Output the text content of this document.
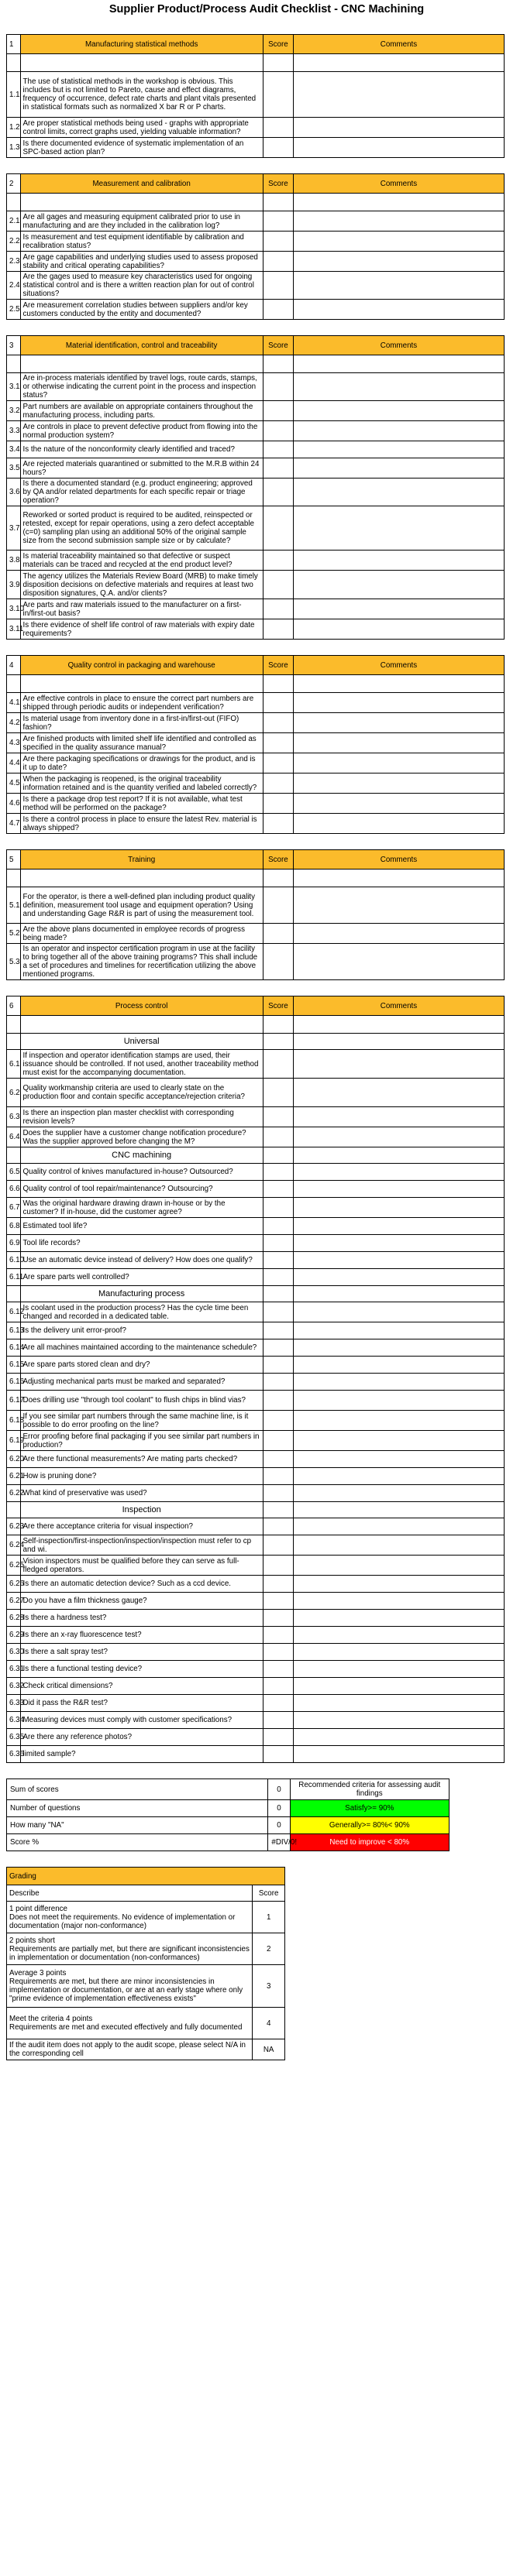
Supplier Product/Process Audit Checklist - CNC Machining
1	Manufacturing statistical methods	Score	Comments

1.1	The use of statistical methods in the workshop is obvious. This includes but is not limited to Pareto, cause and effect diagrams, frequency of occurrence, defect rate charts and plant vitals presented in statistical formats such as normalized X bar R or P charts.		
1.2	Are proper statistical methods being used - graphs with appropriate control limits, correct graphs used, yielding valuable information?		
1.3	Is there documented evidence of systematic implementation of an SPC-based action plan?		
2	Measurement and calibration	Score	Comments

2.1	Are all gages and measuring equipment calibrated prior to use in manufacturing and are they included in the calibration log?		
2.2	Is measurement and test equipment identifiable by calibration and recalibration status?		
2.3	Are gage capabilities and underlying studies used to assess proposed stability and critical operating capabilities?		
2.4	Are the gages used to measure key characteristics used for ongoing statistical control and is there a written reaction plan for out of control situations?		
2.5	Are measurement correlation studies between suppliers and/or key customers conducted by the entity and documented?		
3	Material identification, control and traceability	Score	Comments

3.1	Are in-process materials identified by travel logs, route cards, stamps, or otherwise indicating the current point in the process and inspection status?		
3.2	Part numbers are available on appropriate containers throughout the manufacturing process, including parts.		
3.3	Are controls in place to prevent defective product from flowing into the normal production system?		
3.4	Is the nature of the nonconformity clearly identified and traced?		
3.5	Are rejected materials quarantined or submitted to the M.R.B within 24 hours?		
3.6	Is there a documented standard (e.g. product engineering; approved by QA and/or related departments for each specific repair or triage operation?		
3.7	Reworked or sorted product is required to be audited, reinspected or retested, except for repair operations, using a zero defect acceptable (c=0) sampling plan using an additional 50% of the original sample size from the second submission sample size or by calculate?		
3.8	Is material traceability maintained so that defective or suspect materials can be traced and recycled at the end product level?		
3.9	The agency utilizes the Materials Review Board (MRB) to make timely disposition decisions on defective materials and requires at least two disposition signatures, Q.A. and/or clients?		
3.10	Are parts and raw materials issued to the manufacturer on a first-in/first-out basis?		
3.11	Is there evidence of shelf life control of raw materials with expiry date requirements?		
4	Quality control in packaging and warehouse	Score	Comments

4.1	Are effective controls in place to ensure the correct part numbers are shipped through periodic audits or independent verification?		
4.2	Is material usage from inventory done in a first-in/first-out (FIFO) fashion?		
4.3	Are finished products with limited shelf life identified and controlled as specified in the quality assurance manual?		
4.4	Are there packaging specifications or drawings for the product, and is it up to date?		
4.5	When the packaging is reopened, is the original traceability information retained and is the quantity verified and labeled correctly?		
4.6	Is there a package drop test report? If it is not available, what test method will be performed on the package?		
4.7	Is there a control process in place to ensure the latest Rev. material is always shipped?		
5	Training	Score	Comments

5.1	For the operator, is there a well-defined plan including product quality definition, measurement tool usage and equipment operation? Using and understanding Gage R&R is part of using the measurement tool.		
5.2	Are the above plans documented in employee records of progress being made?		
5.3	Is an operator and inspector certification program in use at the facility to bring together all of the above training programs? This shall include a set of procedures and timelines for recertification utilizing the above mentioned programs.		
6	Process control	Score	Comments

	Universal		
6.1	If inspection and operator identification stamps are used, their issuance should be controlled. If not used, another traceability method must exist for the accompanying documentation.		
6.2	Quality workmanship criteria are used to clearly state on the production floor and contain specific acceptance/rejection criteria?		
6.3	Is there an inspection plan master checklist with corresponding revision levels?		
6.4	Does the supplier have a customer change notification procedure? Was the supplier approved before changing the M?		
	CNC machining		
6.5	Quality control of knives manufactured in-house? Outsourced?		
6.6	Quality control of tool repair/maintenance? Outsourcing?		
6.7	Was the original hardware drawing drawn in-house or by the customer? If in-house, did the customer agree?		
6.8	Estimated tool life?		
6.9	Tool life records?		
6.10	Use an automatic device instead of delivery? How does one qualify?		
6.11	Are spare parts well controlled?		
	Manufacturing process		
6.12	Is coolant used in the production process? Has the cycle time been changed and recorded in a dedicated table.		
6.13	Is the delivery unit error-proof?		
6.14	Are all machines maintained according to the maintenance schedule?		
6.15	Are spare parts stored clean and dry?		
6.16	Adjusting mechanical parts must be marked and separated?		
6.17	Does drilling use "through tool coolant" to flush chips in blind vias?		
6.18	If you see similar part numbers through the same machine line, is it possible to do error proofing on the line?		
6.19	Error proofing before final packaging if you see similar part numbers in production?		
6.20	Are there functional measurements? Are mating parts checked?		
6.21	How is pruning done?		
6.22	What kind of preservative was used?		
	Inspection		
6.23	Are there acceptance criteria for visual inspection?		
6.24	Self-inspection/first-inspection/inspection/inspection must refer to cp and wi.		
6.25	Vision inspectors must be qualified before they can serve as full-fledged operators.		
6.26	Is there an automatic detection device? Such as a ccd device.		
6.27	Do you have a film thickness gauge?		
6.28	Is there a hardness test?		
6.29	Is there an x-ray fluorescence test?		
6.30	Is there a salt spray test?		
6.31	Is there a functional testing device?		
6.32	Check critical dimensions?		
6.33	Did it pass the R&R test?		
6.34	Measuring devices must comply with customer specifications?		
6.35	Are there any reference photos?		
6.36	limited sample?		
Sum of scores	0	Recommended criteria for assessing audit findings
Number of questions	0	Satisfy>= 90%
How many "NA"	0	Generally>= 80%< 90%
Score %	#DIV/0!	Need to improve < 80%
Grading	
Describe	Score
1 point difference
Does not meet the requirements. No evidence of implementation or documentation (major non-conformance)	1
2 points short
Requirements are partially met, but there are significant inconsistencies in implementation or documentation (non-conformances)	2
Average 3 points
Requirements are met, but there are minor inconsistencies in implementation or documentation, or are at an early stage where only "prime evidence of implementation effectiveness exists"	3
Meet the criteria 4 points
Requirements are met and executed effectively and fully documented	4
If the audit item does not apply to the audit scope, please select N/A in the corresponding cell	NA
